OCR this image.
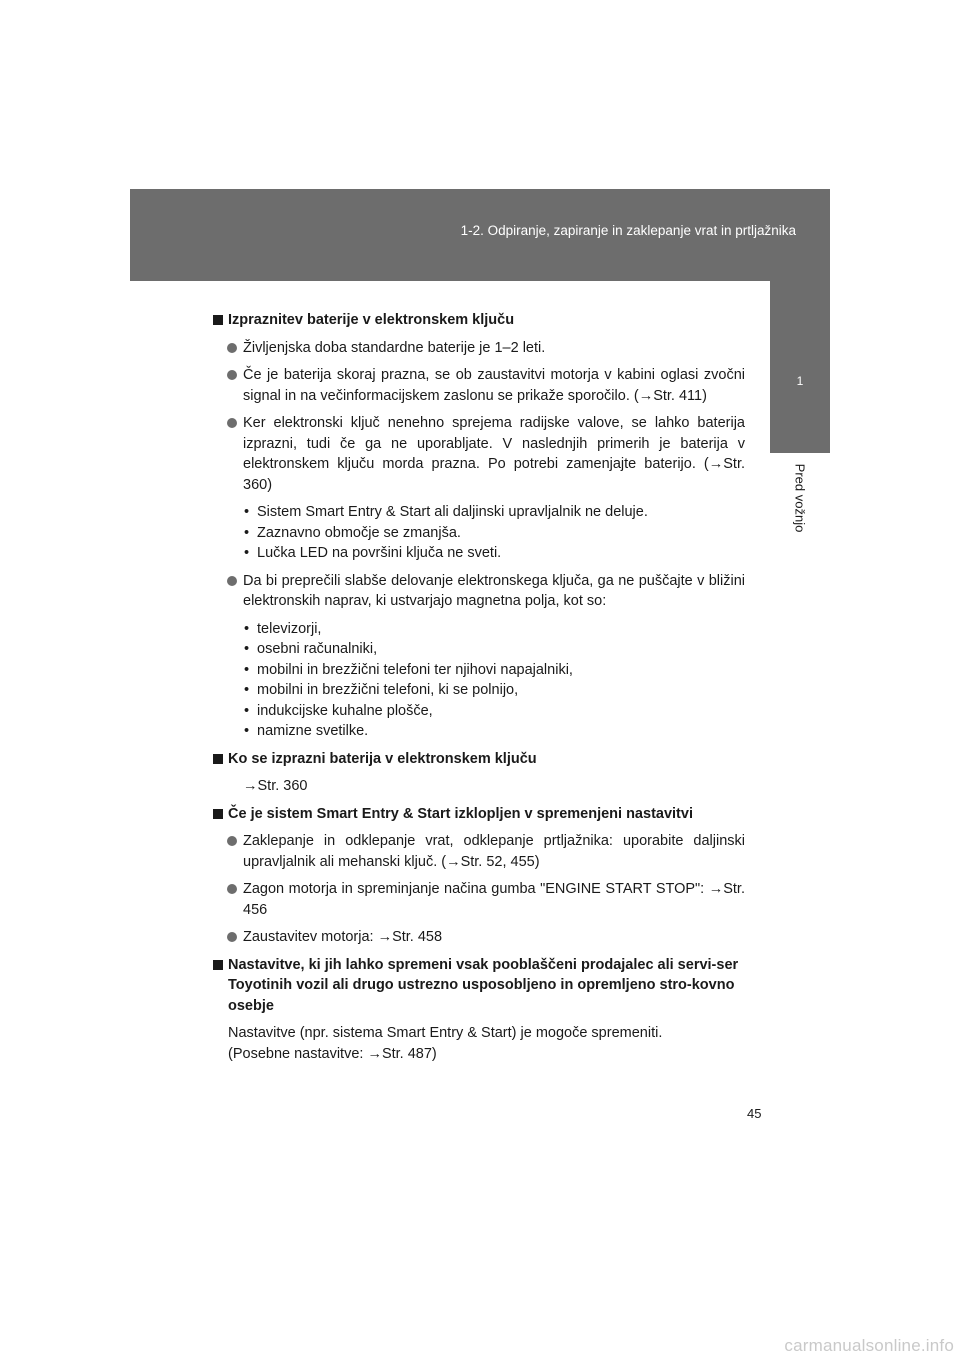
1-2. Odpiranje, zapiranje in zaklepanje vrat in prtljažnika
1
Pred vožnjo
Izpraznitev baterije v elektronskem ključu
Življenjska doba standardne baterije je 1–2 leti.
Če je baterija skoraj prazna, se ob zaustavitvi motorja v kabini oglasi zvočni signal in na večinformacijskem zaslonu se prikaže sporočilo. (→Str. 411)
Ker elektronski ključ nenehno sprejema radijske valove, se lahko baterija izprazni, tudi če ga ne uporabljate. V naslednjih primerih je baterija v elektronskem ključu morda prazna. Po potrebi zamenjajte baterijo. (→Str. 360)
• Sistem Smart Entry & Start ali daljinski upravljalnik ne deluje.
• Zaznavno območje se zmanjša.
• Lučka LED na površini ključa ne sveti.
Da bi preprečili slabše delovanje elektronskega ključa, ga ne puščajte v bližini elektronskih naprav, ki ustvarjajo magnetna polja, kot so:
• televizorji,
• osebni računalniki,
• mobilni in brezžični telefoni ter njihovi napajalniki,
• mobilni in brezžični telefoni, ki se polnijo,
• indukcijske kuhalne plošče,
• namizne svetilke.
Ko se izprazni baterija v elektronskem ključu
→Str. 360
Če je sistem Smart Entry & Start izklopljen v spremenjeni nastavitvi
Zaklepanje in odklepanje vrat, odklepanje prtljažnika: uporabite daljinski upravljalnik ali mehanski ključ. (→Str. 52, 455)
Zagon motorja in spreminjanje načina gumba "ENGINE START STOP": →Str. 456
Zaustavitev motorja: →Str. 458
Nastavitve, ki jih lahko spremeni vsak pooblaščeni prodajalec ali servi-ser Toyotinih vozil ali drugo ustrezno usposobljeno in opremljeno stro-kovno osebje
Nastavitve (npr. sistema Smart Entry & Start) je mogoče spremeniti.
(Posebne nastavitve: →Str. 487)
45
carmanualsonline.info
